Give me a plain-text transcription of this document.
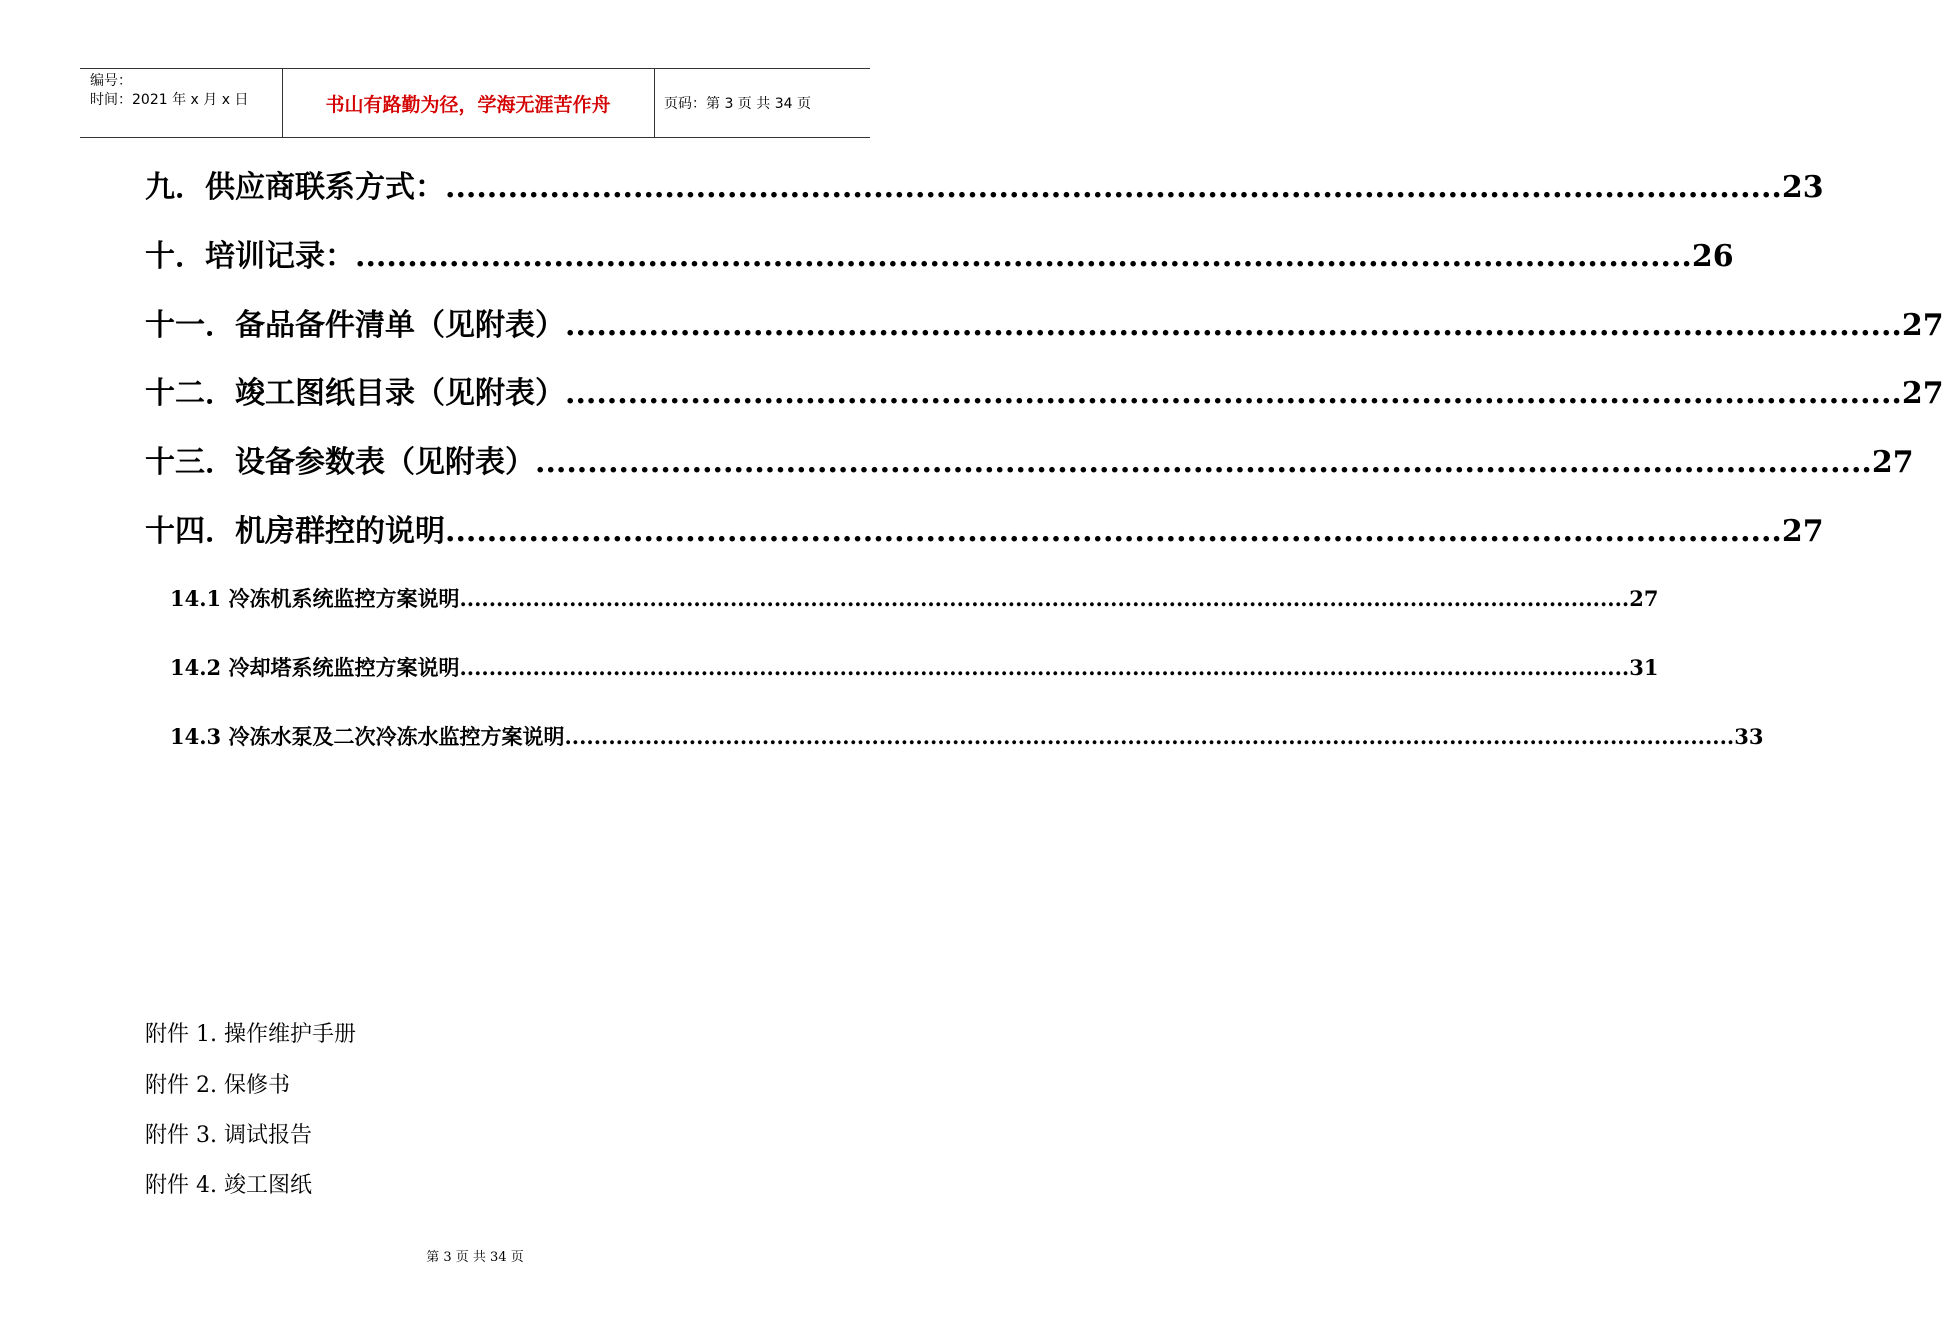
编号：
时间：2021 年 x 月 x 日	书山有路勤为径，学海无涯苦作舟	页码：第 3 页 共 34 页
九．供应商联系方式： ................................................................................................................................ 23
十．培训记录： ................................................................................................................................ 26
十一．备品备件清单（见附表） ................................................................................................................................ 27
十二．竣工图纸目录（见附表） ................................................................................................................................ 27
十三．设备参数表（见附表） ................................................................................................................................ 27
十四．机房群控的说明 ................................................................................................................................ 27
14.1 冷冻机系统监控方案说明 ................................................................................................................................................................ 27
14.2 冷却塔系统监控方案说明 ................................................................................................................................................................ 31
14.3 冷冻水泵及二次冷冻水监控方案说明 ................................................................................................................................................................ 33
附件 1. 操作维护手册
附件 2. 保修书
附件 3. 调试报告
附件 4. 竣工图纸
第 3 页 共 34 页
